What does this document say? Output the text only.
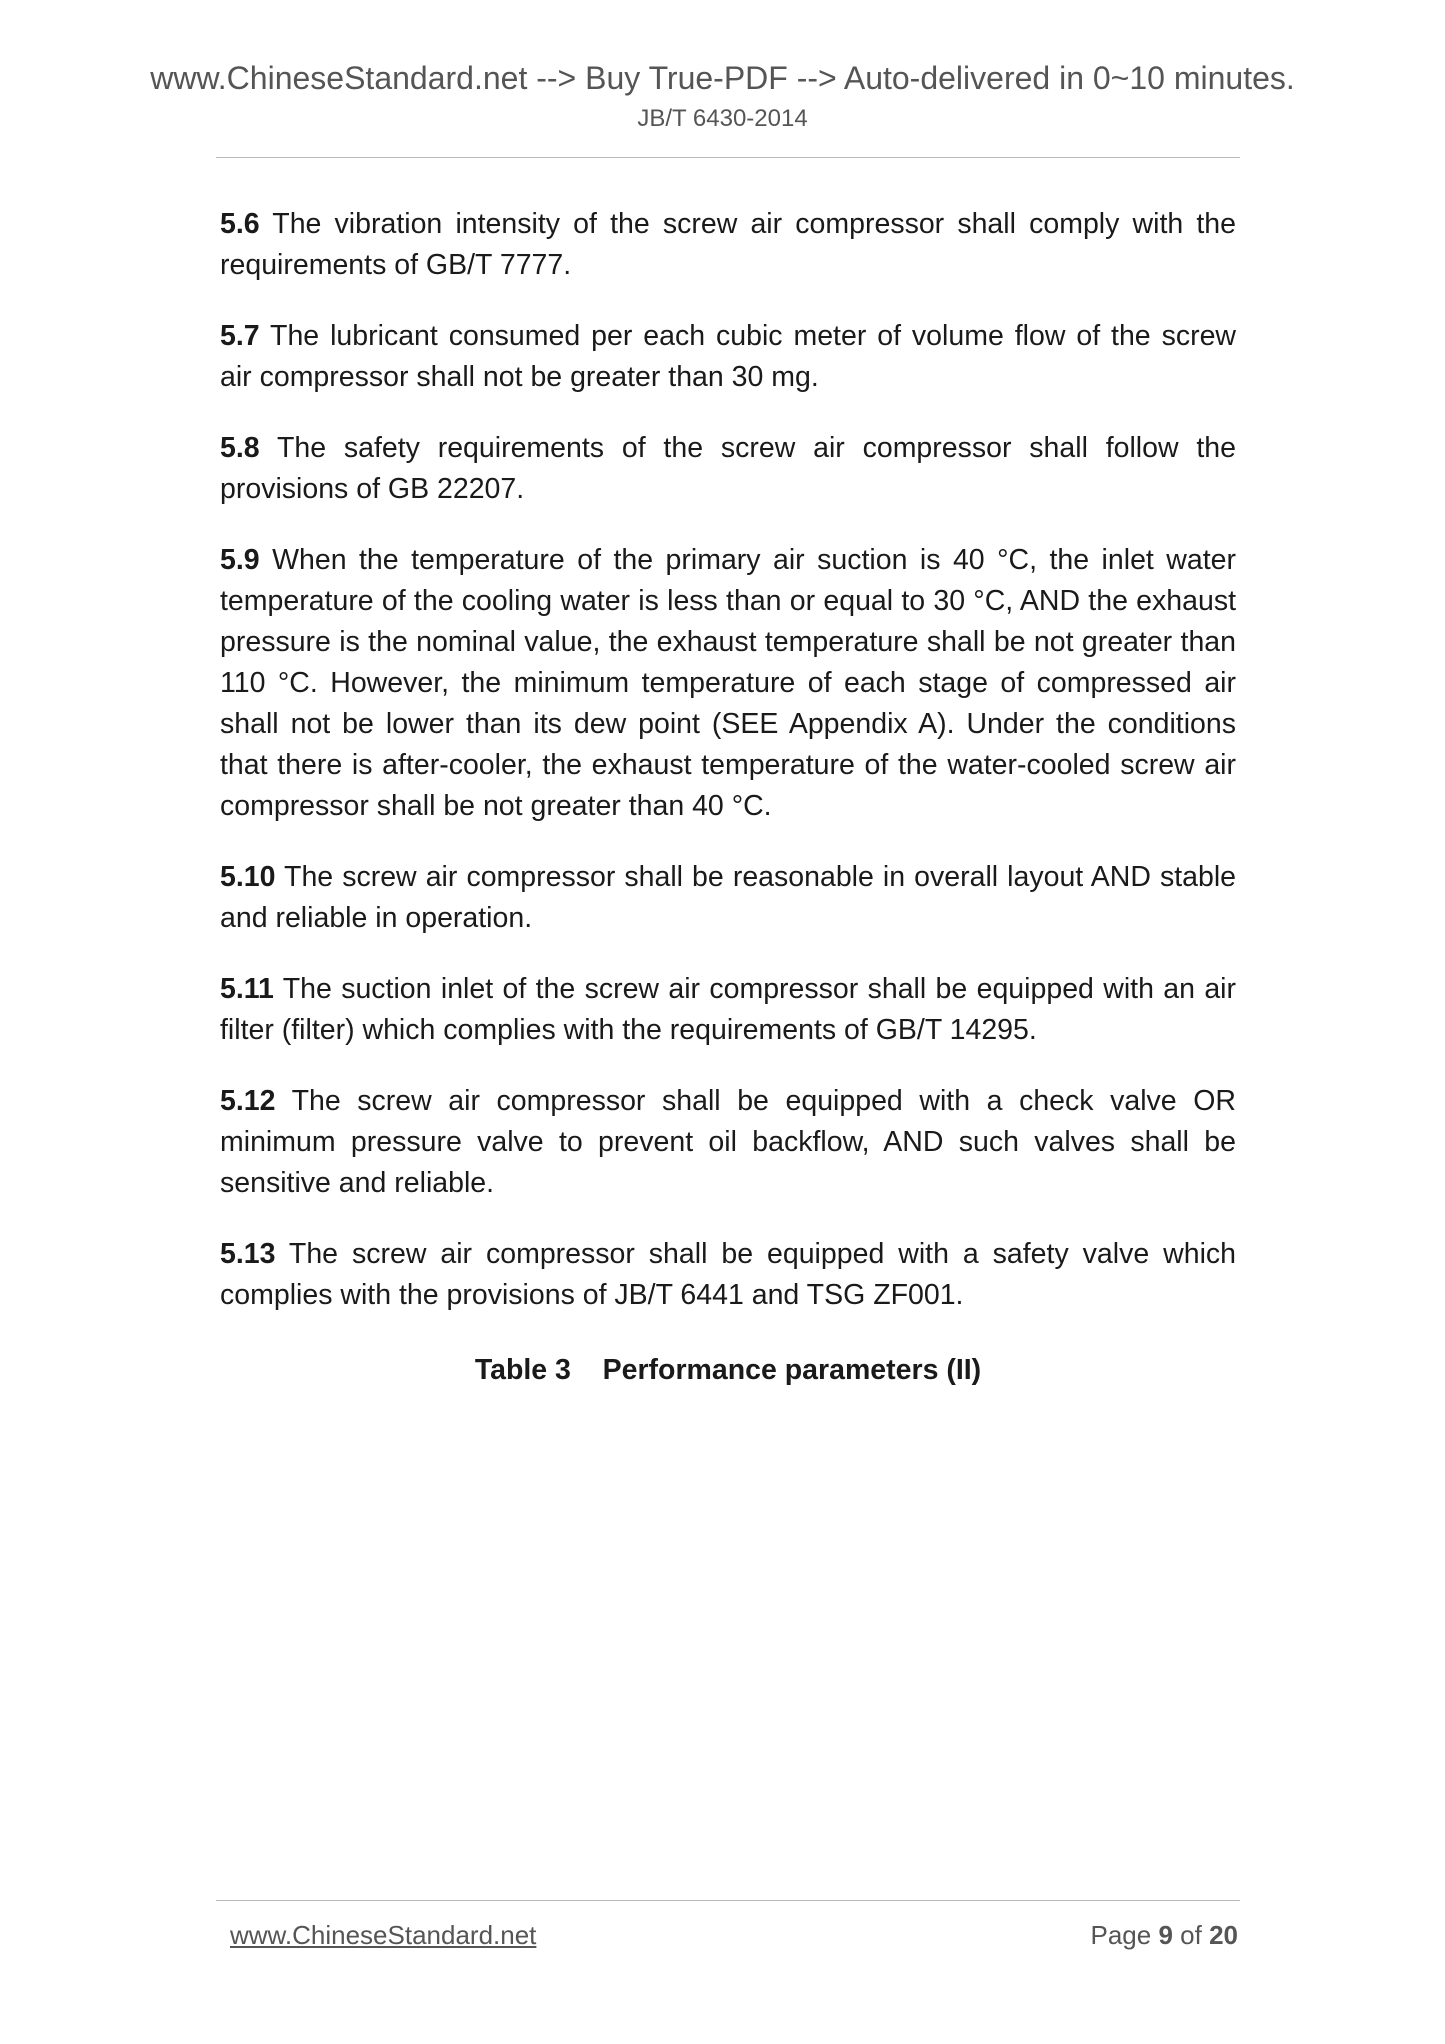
www.ChineseStandard.net --> Buy True-PDF --> Auto-delivered in 0~10 minutes.
JB/T 6430-2014

5.6 The vibration intensity of the screw air compressor shall comply with the requirements of GB/T 7777.

5.7 The lubricant consumed per each cubic meter of volume flow of the screw air compressor shall not be greater than 30 mg.

5.8 The safety requirements of the screw air compressor shall follow the provisions of GB 22207.

5.9 When the temperature of the primary air suction is 40 °C, the inlet water temperature of the cooling water is less than or equal to 30 °C, AND the exhaust pressure is the nominal value, the exhaust temperature shall be not greater than 110 °C. However, the minimum temperature of each stage of compressed air shall not be lower than its dew point (SEE Appendix A). Under the conditions that there is after-cooler, the exhaust temperature of the water-cooled screw air compressor shall be not greater than 40 °C.

5.10 The screw air compressor shall be reasonable in overall layout AND stable and reliable in operation.

5.11 The suction inlet of the screw air compressor shall be equipped with an air filter (filter) which complies with the requirements of GB/T 14295.

5.12 The screw air compressor shall be equipped with a check valve OR minimum pressure valve to prevent oil backflow, AND such valves shall be sensitive and reliable.

5.13 The screw air compressor shall be equipped with a safety valve which complies with the provisions of JB/T 6441 and TSG ZF001.

Table 3 Performance parameters (II)
www.ChineseStandard.net	Page 9 of 20
